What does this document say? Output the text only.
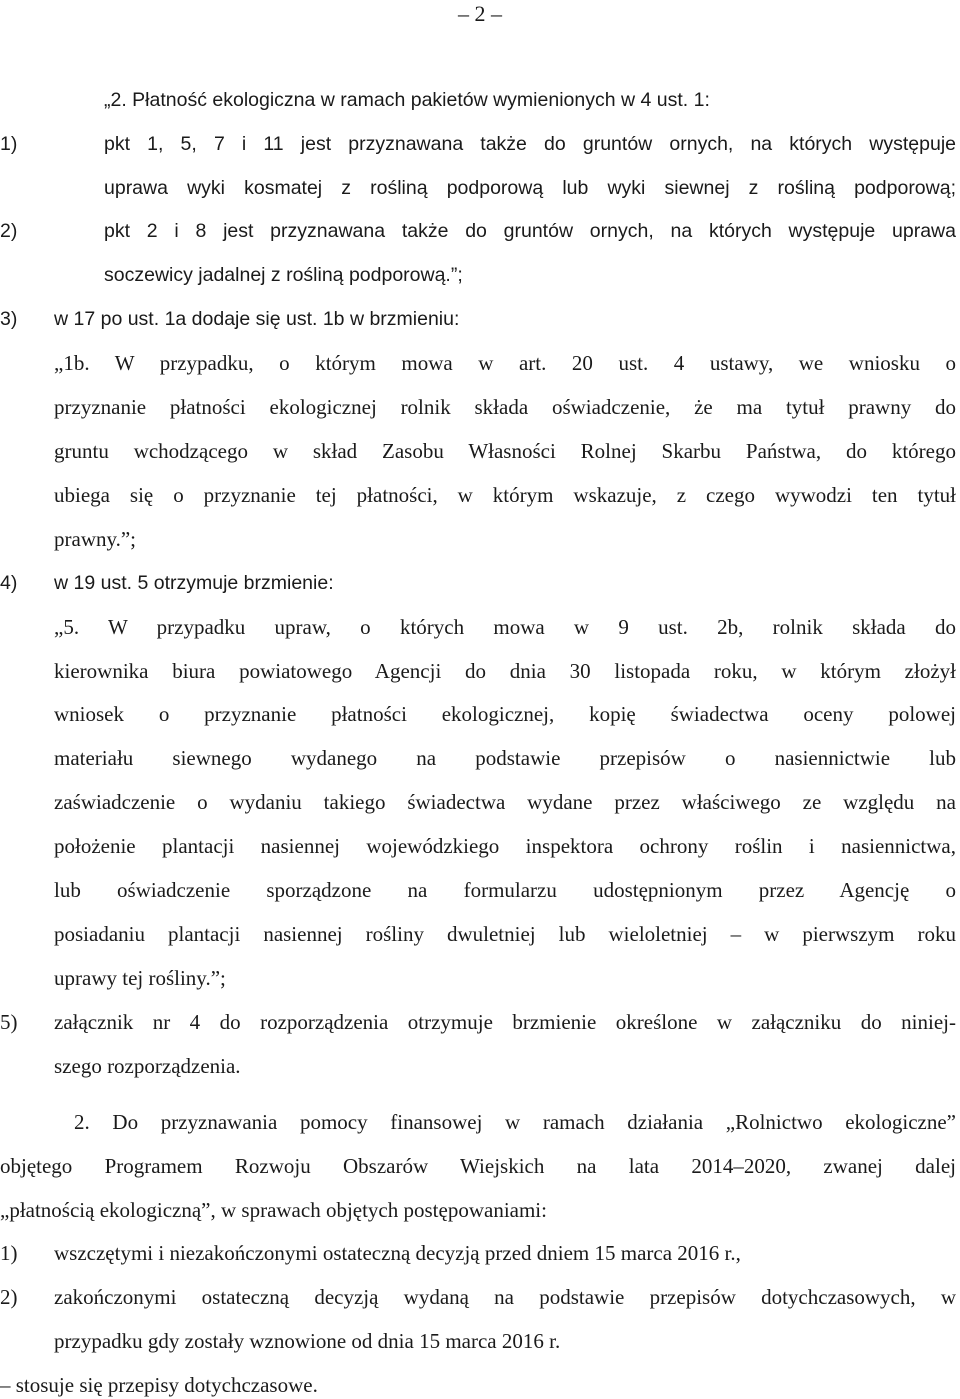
– 2 –
„2. Płatność ekologiczna w ramach pakietów wymienionych w 4 ust. 1:
1)	pkt 1, 5, 7 i 11 jest przyznawana także do gruntów ornych, na których występuje
uprawa wyki kosmatej z rośliną podporową lub wyki siewnej z rośliną podporową;
2)	pkt 2 i 8 jest przyznawana także do gruntów ornych, na których występuje uprawa
soczewicy jadalnej z rośliną podporową.”;
3) w 17 po ust. 1a dodaje się ust. 1b w brzmieniu:
„1b. W przypadku, o którym mowa w art. 20 ust. 4 ustawy, we wniosku o
przyznanie płatności ekologicznej rolnik składa oświadczenie, że ma tytuł prawny do
gruntu wchodzącego w skład Zasobu Własności Rolnej Skarbu Państwa, do którego
ubiega się o przyznanie tej płatności, w którym wskazuje, z czego wywodzi ten tytuł
prawny.”;
4) w 19 ust. 5 otrzymuje brzmienie:
„5. W przypadku upraw, o których mowa w 9 ust. 2b, rolnik składa do
kierownika biura powiatowego Agencji do dnia 30 listopada roku, w którym złożył
wniosek o przyznanie płatności ekologicznej, kopię świadectwa oceny polowej
materiału siewnego wydanego na podstawie przepisów o nasiennictwie lub
zaświadczenie o wydaniu takiego świadectwa wydane przez właściwego ze względu na
położenie plantacji nasiennej wojewódzkiego inspektora ochrony roślin i nasiennictwa,
lub oświadczenie sporządzone na formularzu udostępnionym przez Agencję o
posiadaniu plantacji nasiennej rośliny dwuletniej lub wieloletniej – w pierwszym roku
uprawy tej rośliny.”;
5) załącznik nr 4 do rozporządzenia otrzymuje brzmienie określone w załączniku do niniej-
szego rozporządzenia.
2. Do przyznawania pomocy finansowej w ramach działania „Rolnictwo ekologiczne”
objętego Programem Rozwoju Obszarów Wiejskich na lata 2014–2020, zwanej dalej
„płatnością ekologiczną”, w sprawach objętych postępowaniami:
1) wszczętymi i niezakończonymi ostateczną decyzją przed dniem 15 marca 2016 r.,
2) zakończonymi ostateczną decyzją wydaną na podstawie przepisów dotychczasowych, w
przypadku gdy zostały wznowione od dnia 15 marca 2016 r.
– stosuje się przepisy dotychczasowe.
